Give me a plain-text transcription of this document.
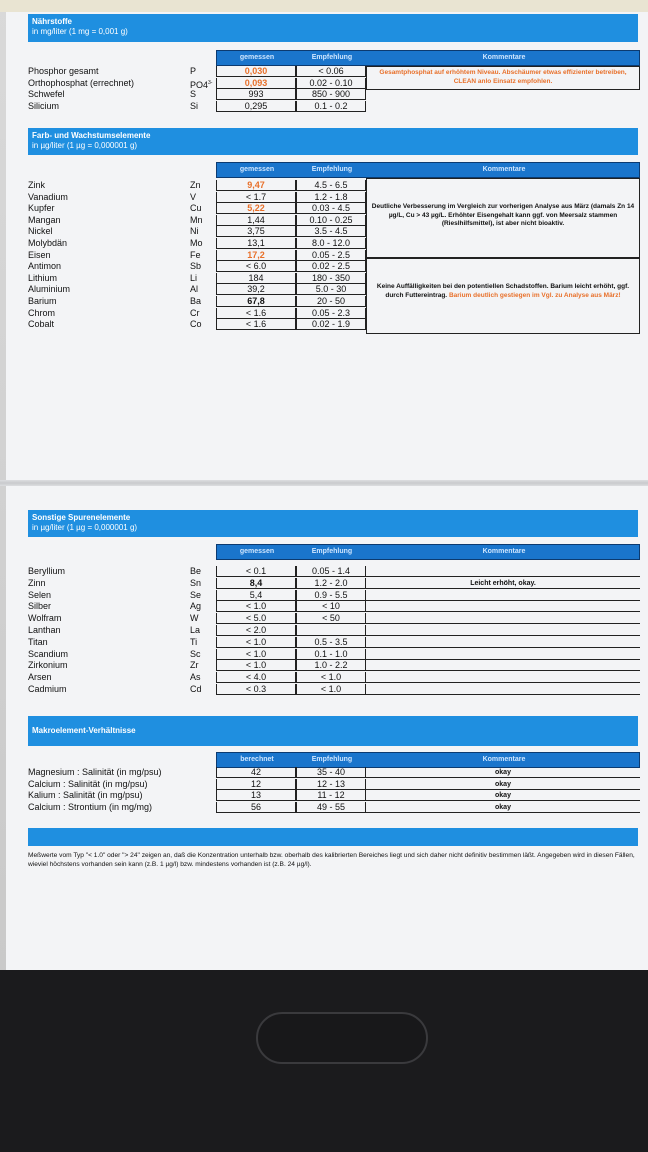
Nährstoffe
in mg/liter (1 mg = 0,001 g)
gemessen	Empfehlung	Kommentare
Phosphor gesamt	P	0,030	< 0.06
Orthophosphat (errechnet)	$PO4^{3-}$	0,093	0.02 - 0.10
Schwefel	S	993	850 - 900
Silicium	Si	0,295	0.1 - 0.2
Gesamtphosphat auf erhöhtem Niveau. Abschäumer etwas effizienter betreiben, CLEAN anlo Einsatz empfohlen.
Farb- und Wachstumselemente
in µg/liter (1 µg = 0,000001 g)
gemessen	Empfehlung	Kommentare
Zink	Zn	9,47	4.5 - 6.5
Vanadium	V	< 1.7	1.2 - 1.8
Kupfer	Cu	5,22	0.03 - 4.5
Mangan	Mn	1,44	0.10 - 0.25
Nickel	Ni	3,75	3.5 - 4.5
Molybdän	Mo	13,1	8.0 - 12.0
Eisen	Fe	17,2	0.05 - 2.5
Antimon	Sb	< 6.0	0.02 - 2.5
Lithium	Li	184	180 - 350
Aluminium	Al	39,2	5.0 - 30
Barium	Ba	67,8	20 - 50
Chrom	Cr	< 1.6	0.05 - 2.3
Cobalt	Co	< 1.6	0.02 - 1.9
Deutliche Verbesserung im Vergleich zur vorherigen Analyse aus März (damals Zn 14 µg/L, Cu > 43 µg/L. Erhöhter Eisengehalt kann ggf. von Meersalz stammen (Rieslhilfsmittel), ist aber nicht bioaktiv.
Keine Auffälligkeiten bei den potentiellen Schadstoffen. Barium leicht erhöht, ggf. durch Futtereintrag. Barium deutlich gestiegen im Vgl. zu Analyse aus März!
Sonstige Spurenelemente
in µg/liter (1 µg = 0,000001 g)
gemessen	Empfehlung	Kommentare
Beryllium	Be	< 0.1	0.05 - 1.4
Zinn	Sn	8,4	1.2 - 2.0	Leicht erhöht, okay.
Selen	Se	5,4	0.9 - 5.5
Silber	Ag	< 1.0	< 10
Wolfram	W	< 5.0	< 50
Lanthan	La	< 2.0
Titan	Ti	< 1.0	0.5 - 3.5
Scandium	Sc	< 1.0	0.1 - 1.0
Zirkonium	Zr	< 1.0	1.0 - 2.2
Arsen	As	< 4.0	< 1.0
Cadmium	Cd	< 0.3	< 1.0
Makroelement-Verhältnisse
berechnet	Empfehlung	Kommentare
Magnesium : Salinität (in mg/psu)	42	35 - 40	okay
Calcium : Salinität (in mg/psu)	12	12 - 13	okay
Kalium : Salinität (in mg/psu)	13	11 - 12	okay
Calcium : Strontium (in mg/mg)	56	49 - 55	okay
Meßwerte vom Typ "< 1.0" oder "> 24" zeigen an, daß die Konzentration unterhalb bzw. oberhalb des kalibrierten Bereiches liegt und sich daher nicht definitiv bestimmen läßt. Angegeben wird in diesen Fällen, wieviel höchstens vorhanden sein kann (z.B. 1 µg/l) bzw. mindestens vorhanden ist (z.B. 24 µg/l).
